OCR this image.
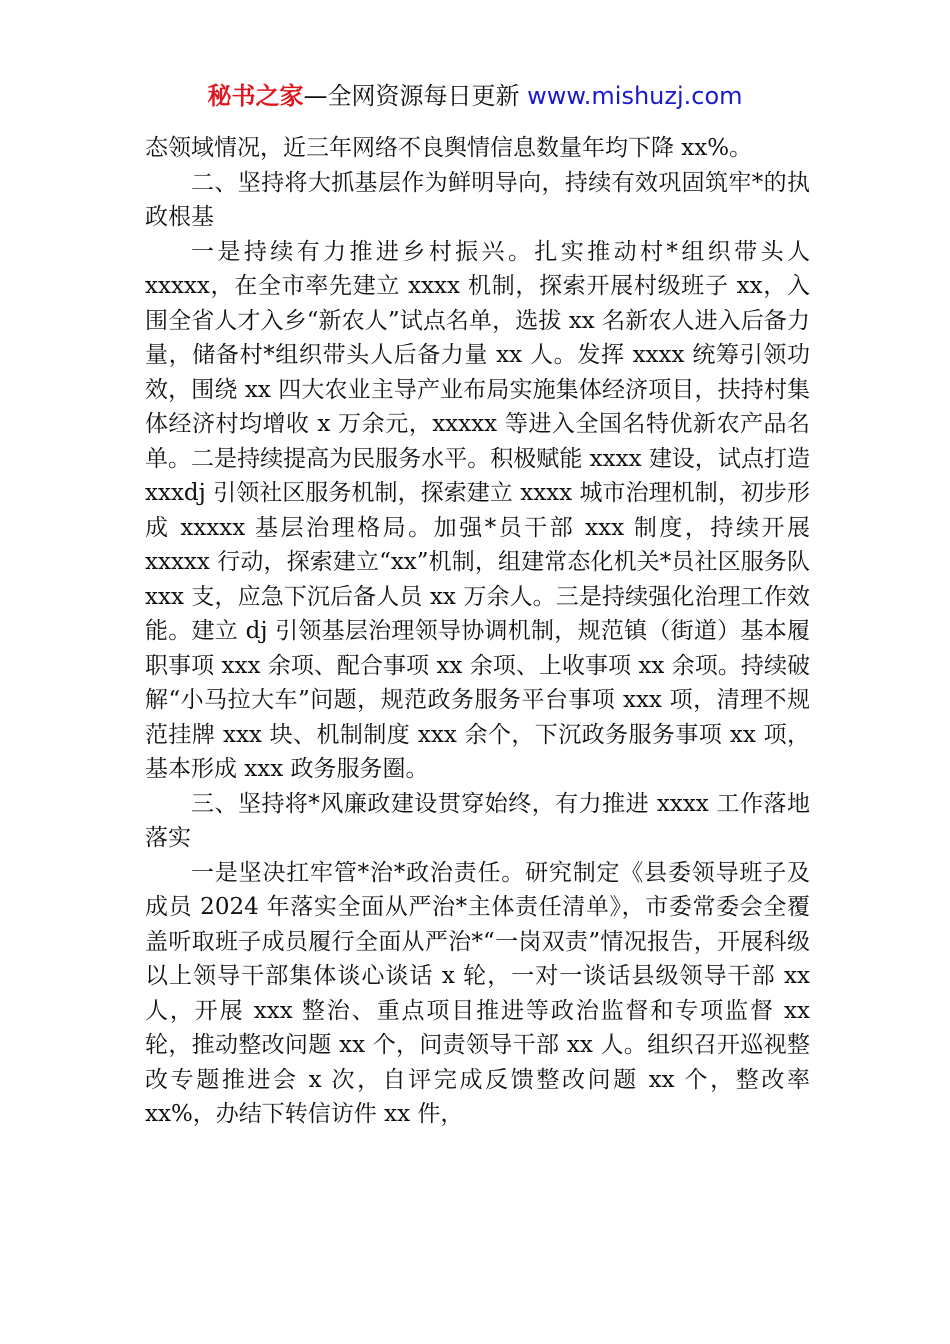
秘书之家—全网资源每日更新 www.mishuzj.com

态领域情况，近三年网络不良舆情信息数量年均下降 xx%。

二、坚持将大抓基层作为鲜明导向，持续有效巩固筑牢*的执政根基

一是持续有力推进乡村振兴。扎实推动村*组织带头人 xxxxx，在全市率先建立 xxxx 机制，探索开展村级班子 xx，入围全省人才入乡“新农人”试点名单，选拔 xx 名新农人进入后备力量，储备村*组织带头人后备力量 xx 人。发挥 xxxx 统筹引领功效，围绕 xx 四大农业主导产业布局实施集体经济项目，扶持村集体经济村均增收 x 万余元，xxxxx 等进入全国名特优新农产品名单。二是持续提高为民服务水平。积极赋能 xxxx 建设，试点打造 xxxdj 引领社区服务机制，探索建立 xxxx 城市治理机制，初步形成 xxxxx 基层治理格局。加强*员干部 xxx 制度，持续开展 xxxxx 行动，探索建立“xx”机制，组建常态化机关*员社区服务队 xxx 支，应急下沉后备人员 xx 万余人。三是持续强化治理工作效能。建立 dj 引领基层治理领导协调机制，规范镇（街道）基本履职事项 xxx 余项、配合事项 xx 余项、上收事项 xx 余项。持续破解“小马拉大车”问题，规范政务服务平台事项 xxx 项，清理不规范挂牌 xxx 块、机制制度 xxx 余个，下沉政务服务事项 xx 项，基本形成 xxx 政务服务圈。

三、坚持将*风廉政建设贯穿始终，有力推进 xxxx 工作落地落实

一是坚决扛牢管*治*政治责任。研究制定《县委领导班子及成员 2024 年落实全面从严治*主体责任清单》，市委常委会全覆盖听取班子成员履行全面从严治*“一岗双责”情况报告，开展科级以上领导干部集体谈心谈话 x 轮，一对一谈话县级领导干部 xx 人，开展 xxx 整治、重点项目推进等政治监督和专项监督 xx 轮，推动整改问题 xx 个，问责领导干部 xx 人。组织召开巡视整改专题推进会 x 次，自评完成反馈整改问题 xx 个，整改率 xx%，办结下转信访件 xx 件，
